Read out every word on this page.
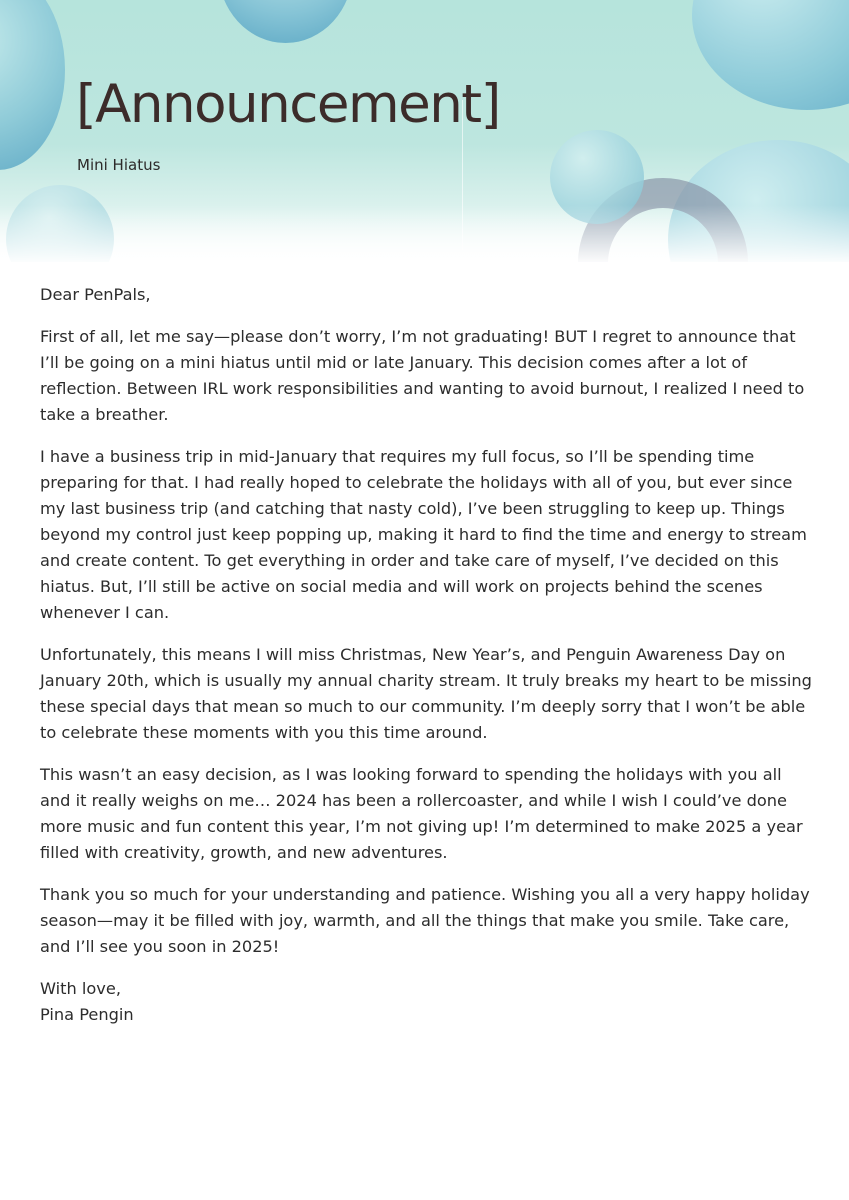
[Announcement]

Mini Hiatus

Dear PenPals,

First of all, let me say—please don’t worry, I’m not graduating! BUT I regret to announce that I’ll be going on a mini hiatus until mid or late January. This decision comes after a lot of reflection. Between IRL work responsibilities and wanting to avoid burnout, I realized I need to take a breather.

I have a business trip in mid-January that requires my full focus, so I’ll be spending time preparing for that. I had really hoped to celebrate the holidays with all of you, but ever since my last business trip (and catching that nasty cold), I’ve been struggling to keep up. Things beyond my control just keep popping up, making it hard to find the time and energy to stream and create content. To get everything in order and take care of myself, I’ve decided on this hiatus. But, I’ll still be active on social media and will work on projects behind the scenes whenever I can.

Unfortunately, this means I will miss Christmas, New Year’s, and Penguin Awareness Day on January 20th, which is usually my annual charity stream. It truly breaks my heart to be missing these special days that mean so much to our community. I’m deeply sorry that I won’t be able to celebrate these moments with you this time around.

This wasn’t an easy decision, as I was looking forward to spending the holidays with you all and it really weighs on me… 2024 has been a rollercoaster, and while I wish I could’ve done more music and fun content this year, I’m not giving up! I’m determined to make 2025 a year filled with creativity, growth, and new adventures.

Thank you so much for your understanding and patience. Wishing you all a very happy holiday season—may it be filled with joy, warmth, and all the things that make you smile. Take care, and I’ll see you soon in 2025!

With love,
Pina Pengin
